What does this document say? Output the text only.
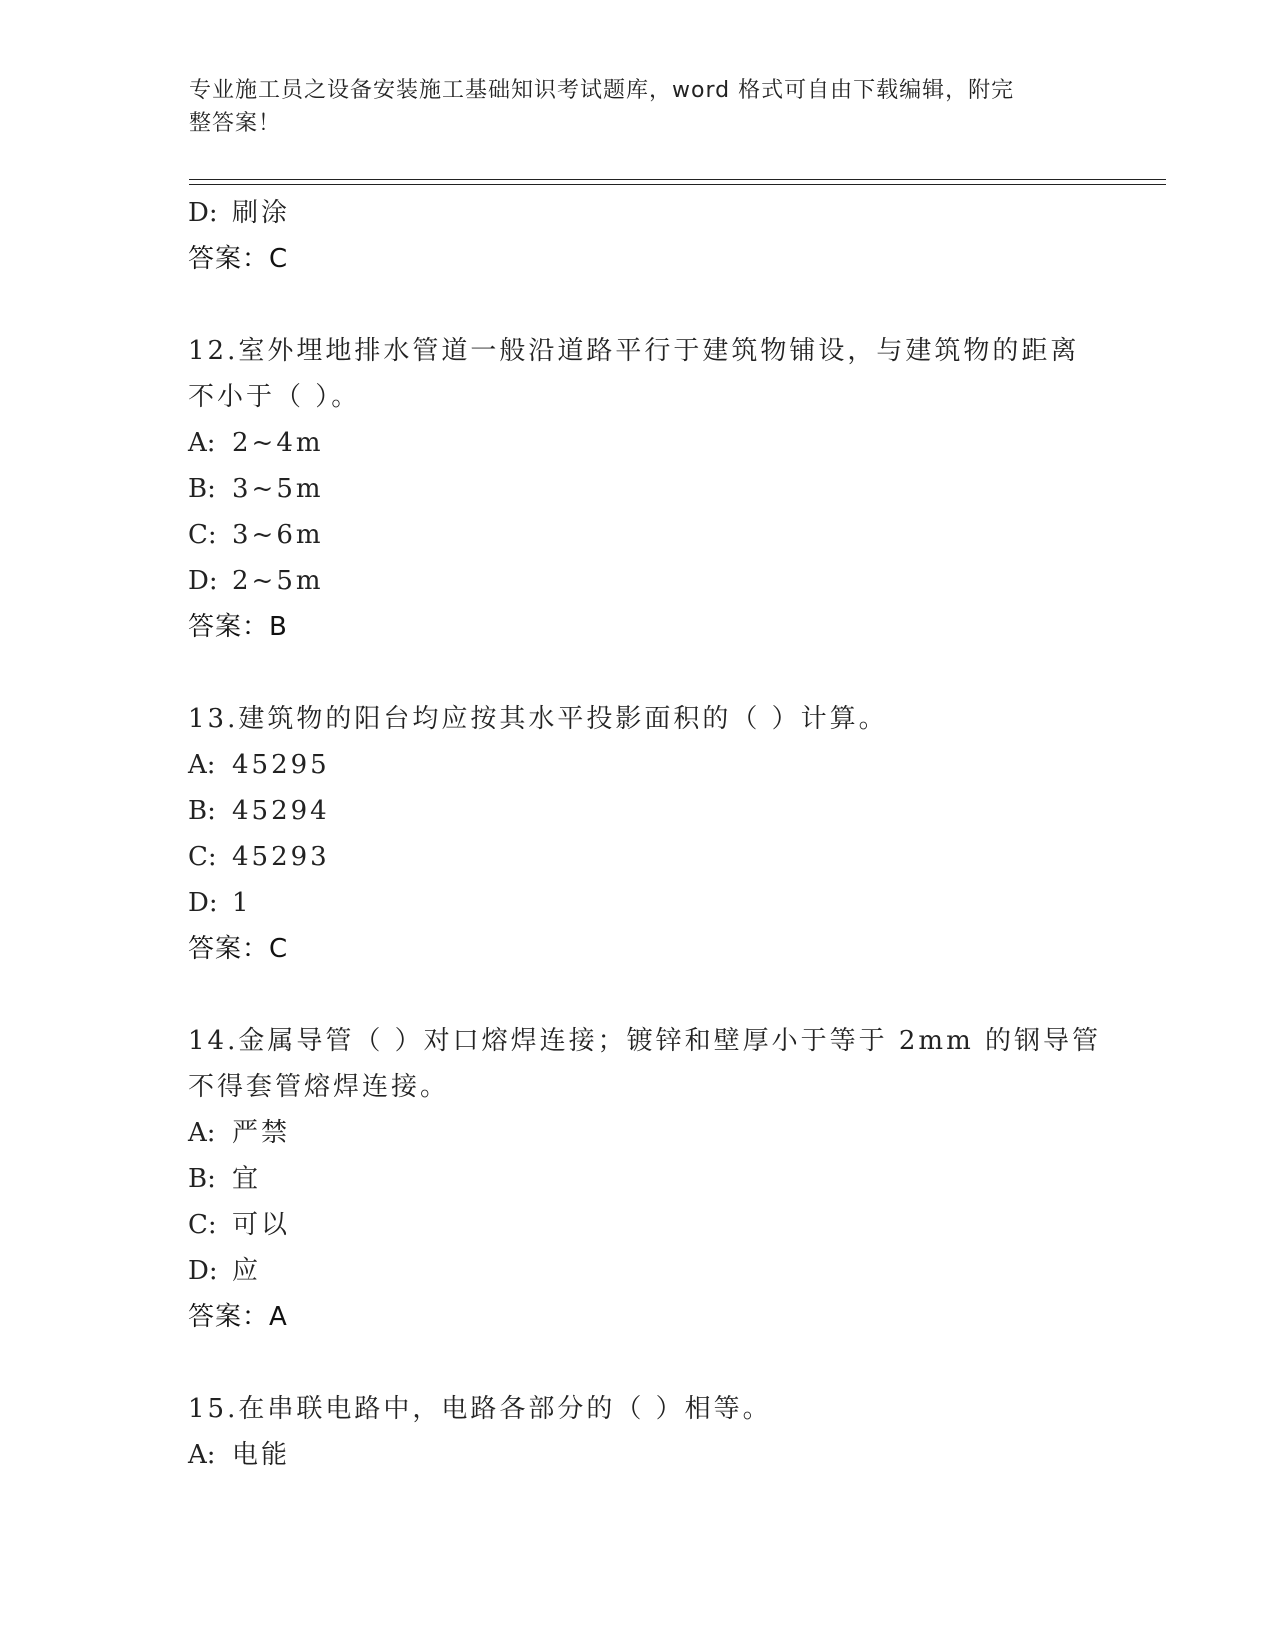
专业施工员之设备安装施工基础知识考试题库，word 格式可自由下载编辑，附完
整答案！

D: 刷涂
答案：C
12.室外埋地排水管道一般沿道路平行于建筑物铺设，与建筑物的距离
不小于（ ）。
A: 2~4m
B: 3~5m
C: 3~6m
D: 2~5m
答案：B
13.建筑物的阳台均应按其水平投影面积的（ ）计算。
A: 45295
B: 45294
C: 45293
D: 1
答案：C
14.金属导管（ ）对口熔焊连接；镀锌和壁厚小于等于 2mm 的钢导管
不得套管熔焊连接。
A: 严禁
B: 宜
C: 可以
D: 应
答案：A
15.在串联电路中，电路各部分的（ ）相等。
A: 电能
